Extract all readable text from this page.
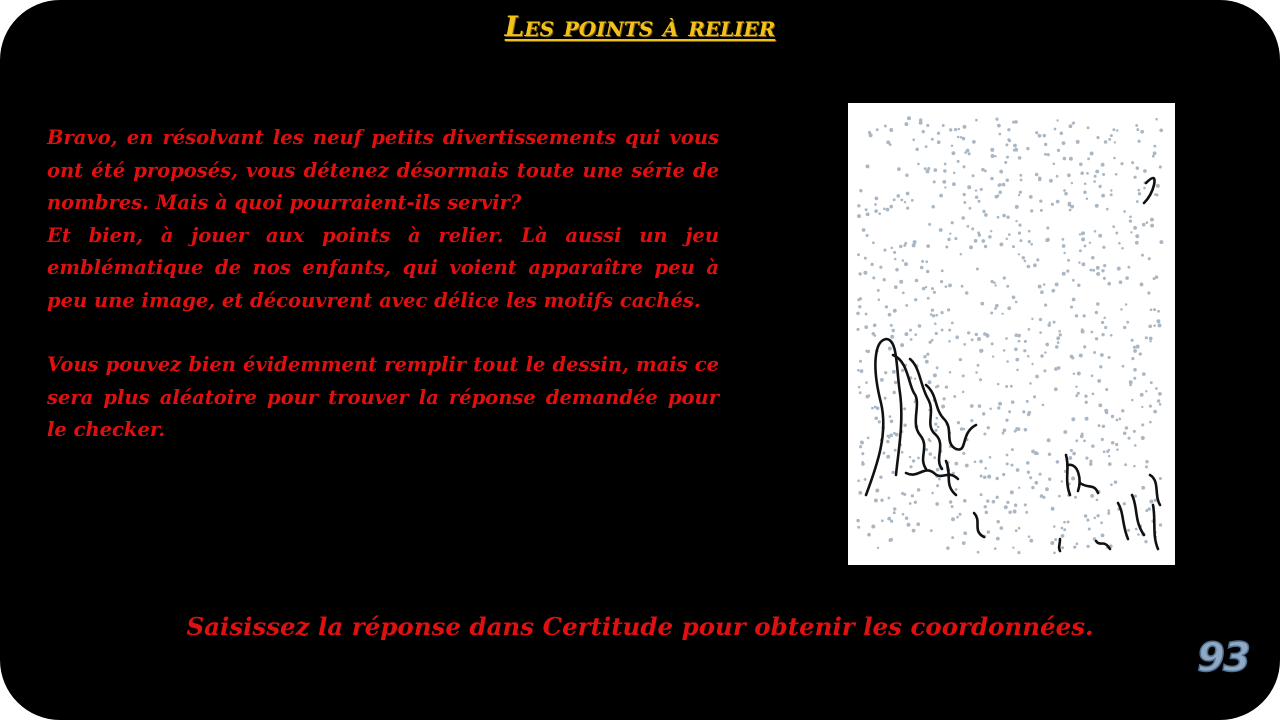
Les points à relier

Bravo, en résolvant les neuf petits divertissements qui vous ont été proposés, vous détenez désormais toute une série de nombres. Mais à quoi pourraient-ils servir?

Et bien, à jouer aux points à relier. Là aussi un jeu emblématique de nos enfants, qui voient apparaître peu à peu une image, et découvrent avec délice les motifs cachés.

Vous pouvez bien évidemment remplir tout le dessin, mais ce sera plus aléatoire pour trouver la réponse demandée pour le checker.

Saisissez la réponse dans Certitude pour obtenir les coordonnées.
93
